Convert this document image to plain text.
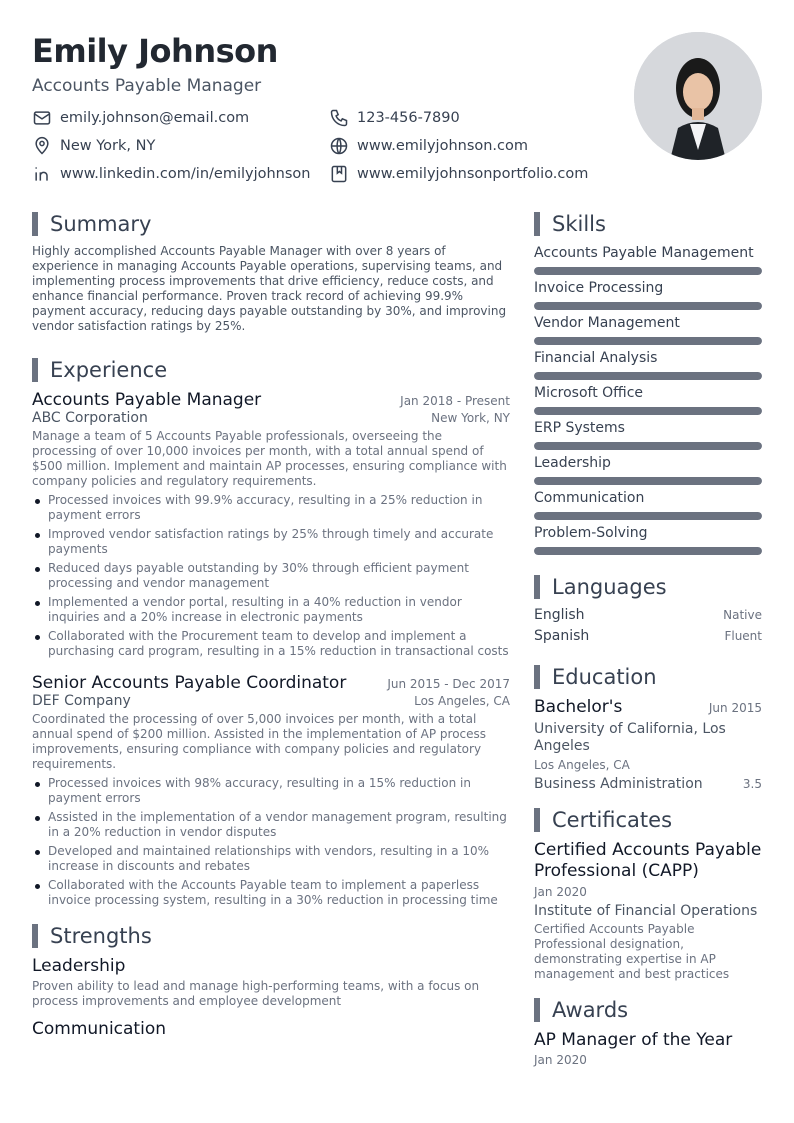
Emily Johnson
Accounts Payable Manager
emily.johnson@email.com	123-456-7890
New York, NY	www.emilyjohnson.com
www.linkedin.com/in/emilyjohnson	www.emilyjohnsonportfolio.com
Summary
Highly accomplished Accounts Payable Manager with over 8 years of experience in managing Accounts Payable operations, supervising teams, and implementing process improvements that drive efficiency, reduce costs, and enhance financial performance. Proven track record of achieving 99.9% payment accuracy, reducing days payable outstanding by 30%, and improving vendor satisfaction ratings by 25%.
Experience
Accounts Payable Manager	Jan 2018 - Present
ABC Corporation	New York, NY
Manage a team of 5 Accounts Payable professionals, overseeing the processing of over 10,000 invoices per month, with a total annual spend of $500 million. Implement and maintain AP processes, ensuring compliance with company policies and regulatory requirements.
Processed invoices with 99.9% accuracy, resulting in a 25% reduction in payment errors
Improved vendor satisfaction ratings by 25% through timely and accurate payments
Reduced days payable outstanding by 30% through efficient payment processing and vendor management
Implemented a vendor portal, resulting in a 40% reduction in vendor inquiries and a 20% increase in electronic payments
Collaborated with the Procurement team to develop and implement a purchasing card program, resulting in a 15% reduction in transactional costs
Senior Accounts Payable Coordinator	Jun 2015 - Dec 2017
DEF Company	Los Angeles, CA
Coordinated the processing of over 5,000 invoices per month, with a total annual spend of $200 million. Assisted in the implementation of AP process improvements, ensuring compliance with company policies and regulatory requirements.
Processed invoices with 98% accuracy, resulting in a 15% reduction in payment errors
Assisted in the implementation of a vendor management program, resulting in a 20% reduction in vendor disputes
Developed and maintained relationships with vendors, resulting in a 10% increase in discounts and rebates
Collaborated with the Accounts Payable team to implement a paperless invoice processing system, resulting in a 30% reduction in processing time
Strengths
Leadership
Proven ability to lead and manage high-performing teams, with a focus on process improvements and employee development
Communication
Skills
Accounts Payable Management
Invoice Processing
Vendor Management
Financial Analysis
Microsoft Office
ERP Systems
Leadership
Communication
Problem-Solving
Languages
English	Native
Spanish	Fluent
Education
Bachelor's	Jun 2015
University of California, Los Angeles
Los Angeles, CA
Business Administration	3.5
Certificates
Certified Accounts Payable Professional (CAPP)
Jan 2020
Institute of Financial Operations
Certified Accounts Payable Professional designation, demonstrating expertise in AP management and best practices
Awards
AP Manager of the Year
Jan 2020
